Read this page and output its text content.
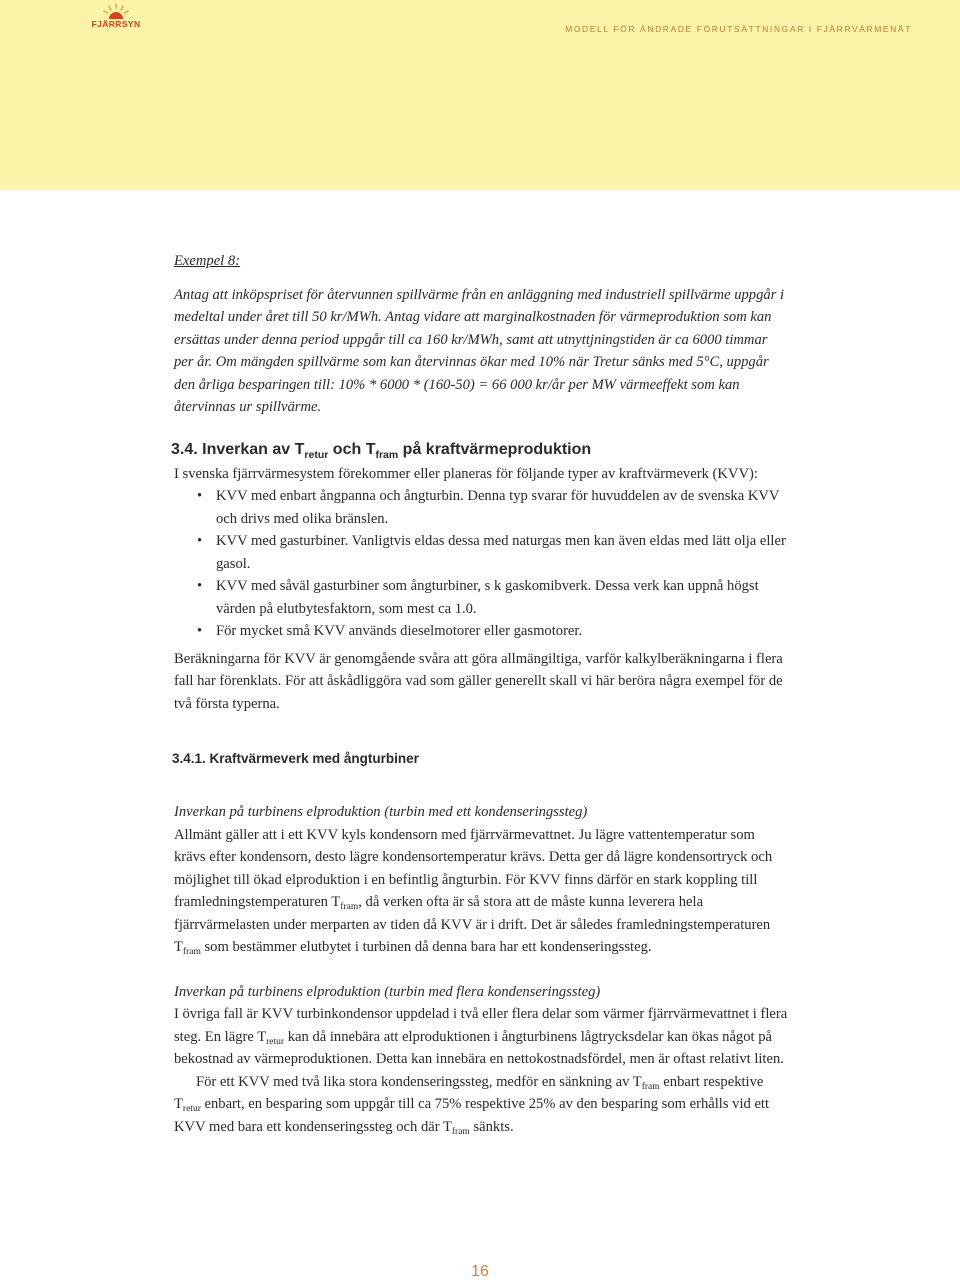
FJÄRRSYN	MODELL FÖR ÄNDRADE FÖRUTSÄTTNINGAR I FJÄRRVÄRMENÄT

Exempel 8:

Antag att inköpspriset för återvunnen spillvärme från en anläggning med industriell spillvärme uppgår i medeltal under året till 50 kr/MWh. Antag vidare att marginalkostnaden för värmeproduktion som kan ersättas under denna period uppgår till ca 160 kr/MWh, samt att utnyttjningstiden är ca 6000 timmar per år. Om mängden spillvärme som kan återvinnas ökar med 10% när Tretur sänks med 5°C, uppgår den årliga besparingen till: 10% * 6000 * (160-50) = 66 000 kr/år per MW värmeeffekt som kan återvinnas ur spillvärme.

3.4. Inverkan av $T_{retur}$ och $T_{fram}$ på kraftvärmeproduktion

I svenska fjärrvärmesystem förekommer eller planeras för följande typer av kraftvärmeverk (KVV):

• KVV med enbart ångpanna och ångturbin. Denna typ svarar för huvuddelen av de svenska KVV och drivs med olika bränslen.
• KVV med gasturbiner. Vanligtvis eldas dessa med naturgas men kan även eldas med lätt olja eller gasol.
• KVV med såväl gasturbiner som ångturbiner, s k gaskomibverk. Dessa verk kan uppnå högst värden på elutbytesfaktorn, som mest ca 1.0.
• För mycket små KVV används dieselmotorer eller gasmotorer.

Beräkningarna för KVV är genomgående svåra att göra allmängiltiga, varför kalkylberäkningarna i flera fall har förenklats. För att åskådliggöra vad som gäller generellt skall vi här beröra några exempel för de två första typerna.

3.4.1. Kraftvärmeverk med ångturbiner

Inverkan på turbinens elproduktion (turbin med ett kondenseringssteg)

Allmänt gäller att i ett KVV kyls kondensorn med fjärrvärmevattnet. Ju lägre vattentemperatur som krävs efter kondensorn, desto lägre kondensortemperatur krävs. Detta ger då lägre kondensortryck och möjlighet till ökad elproduktion i en befintlig ångturbin. För KVV finns därför en stark koppling till framledningstemperaturen $T_{fram}$, då verken ofta är så stora att de måste kunna leverera hela fjärrvärmelasten under merparten av tiden då KVV är i drift. Det är således framledningstemperaturen $T_{fram}$ som bestämmer elutbytet i turbinen då denna bara har ett kondenseringssteg.

Inverkan på turbinens elproduktion (turbin med flera kondenseringssteg)

I övriga fall är KVV turbinkondensor uppdelad i två eller flera delar som värmer fjärrvärmevattnet i flera steg. En lägre $T_{retur}$ kan då innebära att elproduktionen i ångturbinens lågtrycksdelar kan ökas något på bekostnad av värmeproduktionen. Detta kan innebära en nettokostnadsfördel, men är oftast relativt liten.

För ett KVV med två lika stora kondenseringssteg, medför en sänkning av $T_{fram}$ enbart respektive $T_{retur}$ enbart, en besparing som uppgår till ca 75% respektive 25% av den besparing som erhålls vid ett KVV med bara ett kondenseringssteg och där $T_{fram}$ sänkts.

16
